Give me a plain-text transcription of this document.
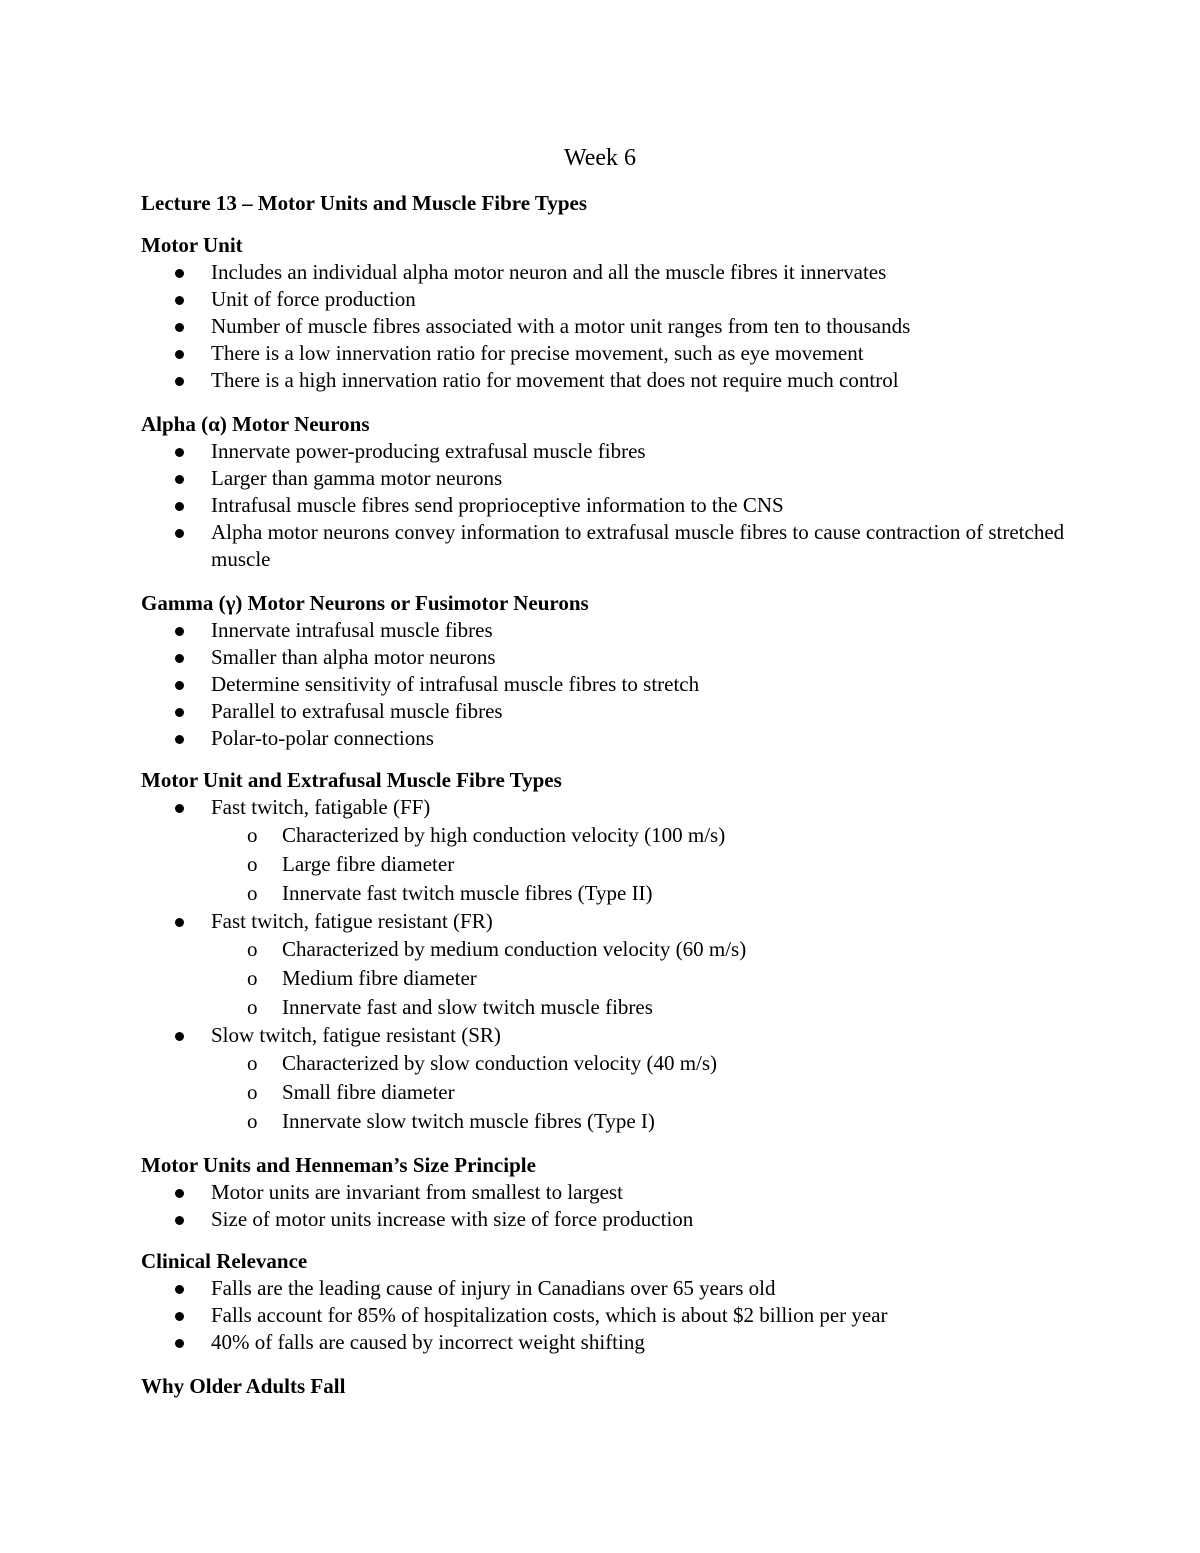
Week 6
Lecture 13 – Motor Units and Muscle Fibre Types
Motor Unit
Includes an individual alpha motor neuron and all the muscle fibres it innervates
Unit of force production
Number of muscle fibres associated with a motor unit ranges from ten to thousands
There is a low innervation ratio for precise movement, such as eye movement
There is a high innervation ratio for movement that does not require much control
Alpha (α) Motor Neurons
Innervate power-producing extrafusal muscle fibres
Larger than gamma motor neurons
Intrafusal muscle fibres send proprioceptive information to the CNS
Alpha motor neurons convey information to extrafusal muscle fibres to cause contraction of stretched muscle
Gamma (γ) Motor Neurons or Fusimotor Neurons
Innervate intrafusal muscle fibres
Smaller than alpha motor neurons
Determine sensitivity of intrafusal muscle fibres to stretch
Parallel to extrafusal muscle fibres
Polar-to-polar connections
Motor Unit and Extrafusal Muscle Fibre Types
Fast twitch, fatigable (FF)
o Characterized by high conduction velocity (100 m/s)
o Large fibre diameter
o Innervate fast twitch muscle fibres (Type II)
Fast twitch, fatigue resistant (FR)
o Characterized by medium conduction velocity (60 m/s)
o Medium fibre diameter
o Innervate fast and slow twitch muscle fibres
Slow twitch, fatigue resistant (SR)
o Characterized by slow conduction velocity (40 m/s)
o Small fibre diameter
o Innervate slow twitch muscle fibres (Type I)
Motor Units and Henneman’s Size Principle
Motor units are invariant from smallest to largest
Size of motor units increase with size of force production
Clinical Relevance
Falls are the leading cause of injury in Canadians over 65 years old
Falls account for 85% of hospitalization costs, which is about $2 billion per year
40% of falls are caused by incorrect weight shifting
Why Older Adults Fall
